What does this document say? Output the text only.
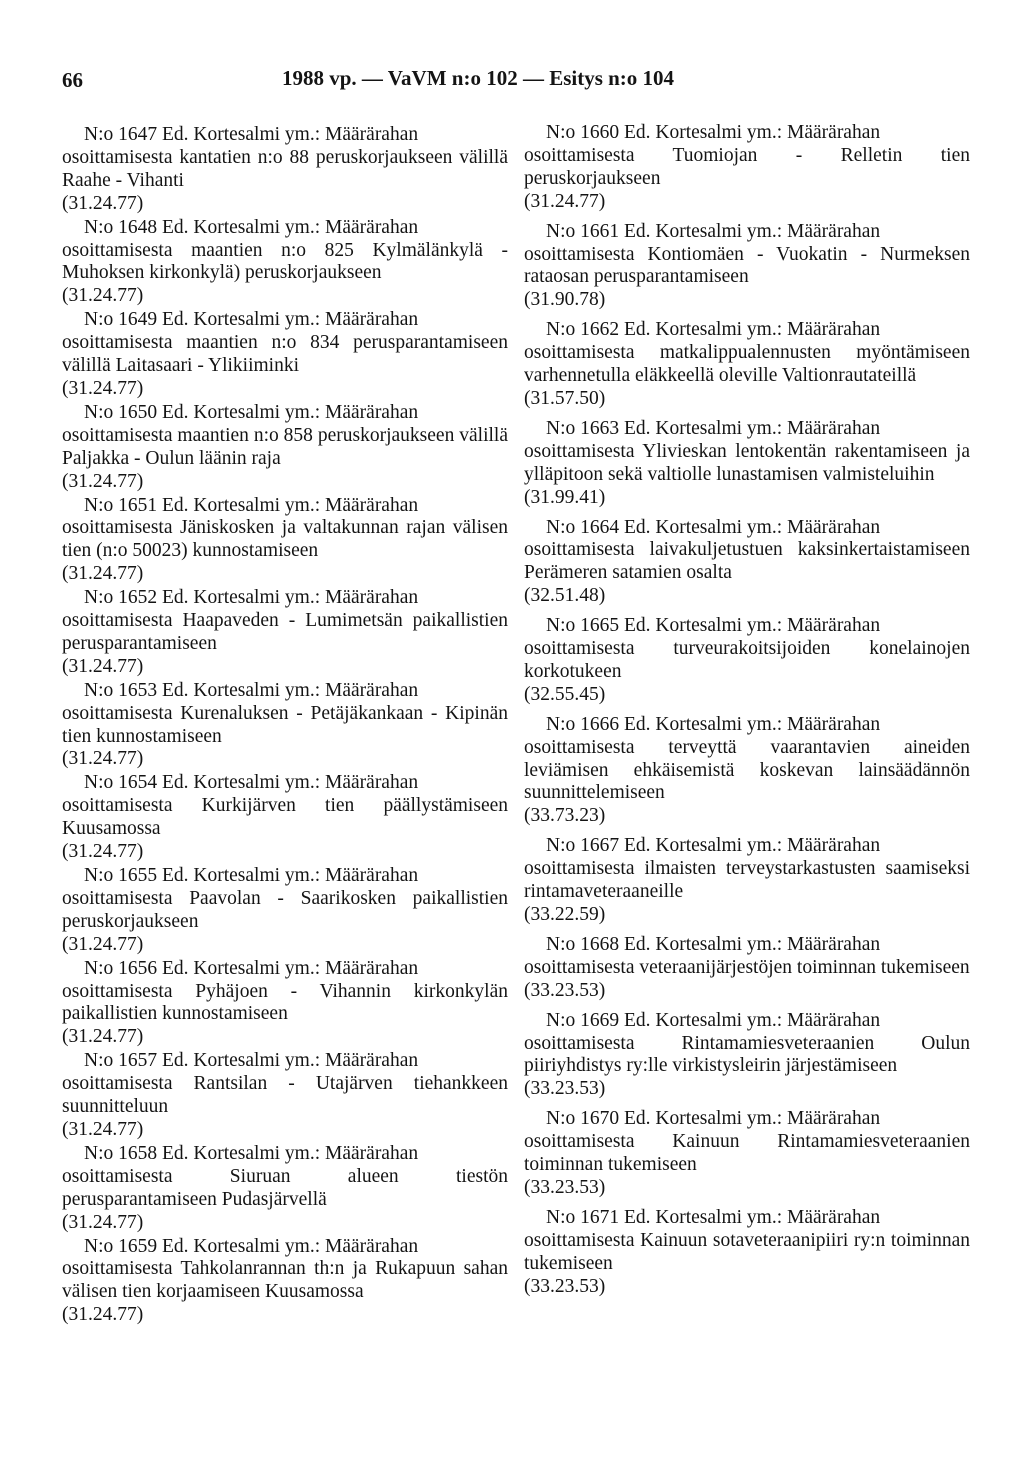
66	1988 vp. — VaVM n:o 102 — Esitys n:o 104

N:o 1647 Ed. Kortesalmi ym.: Määrärahan
osoittamisesta kantatien n:o 88 peruskorjaukseen välillä Raahe - Vihanti
(31.24.77)

N:o 1648 Ed. Kortesalmi ym.: Määrärahan
osoittamisesta maantien n:o 825 Kylmälänkylä - Muhoksen kirkonkylä) peruskorjaukseen
(31.24.77)

N:o 1649 Ed. Kortesalmi ym.: Määrärahan
osoittamisesta maantien n:o 834 perusparantamiseen välillä Laitasaari - Ylikiiminki
(31.24.77)

N:o 1650 Ed. Kortesalmi ym.: Määrärahan
osoittamisesta maantien n:o 858 peruskorjaukseen välillä Paljakka - Oulun läänin raja
(31.24.77)

N:o 1651 Ed. Kortesalmi ym.: Määrärahan
osoittamisesta Jäniskosken ja valtakunnan rajan välisen tien (n:o 50023) kunnostamiseen
(31.24.77)

N:o 1652 Ed. Kortesalmi ym.: Määrärahan
osoittamisesta Haapaveden - Lumimetsän paikallistien perusparantamiseen
(31.24.77)

N:o 1653 Ed. Kortesalmi ym.: Määrärahan
osoittamisesta Kurenaluksen - Petäjäkankaan - Kipinän tien kunnostamiseen
(31.24.77)

N:o 1654 Ed. Kortesalmi ym.: Määrärahan
osoittamisesta Kurkijärven tien päällystämiseen Kuusamossa
(31.24.77)

N:o 1655 Ed. Kortesalmi ym.: Määrärahan
osoittamisesta Paavolan - Saarikosken paikallistien peruskorjaukseen
(31.24.77)

N:o 1656 Ed. Kortesalmi ym.: Määrärahan
osoittamisesta Pyhäjoen - Vihannin kirkonkylän paikallistien kunnostamiseen
(31.24.77)

N:o 1657 Ed. Kortesalmi ym.: Määrärahan
osoittamisesta Rantsilan - Utajärven tiehankkeen suunnitteluun
(31.24.77)

N:o 1658 Ed. Kortesalmi ym.: Määrärahan
osoittamisesta Siuruan alueen tiestön perusparantamiseen Pudasjärvellä
(31.24.77)

N:o 1659 Ed. Kortesalmi ym.: Määrärahan
osoittamisesta Tahkolanrannan th:n ja Rukapuun sahan välisen tien korjaamiseen Kuusamossa
(31.24.77)

N:o 1660 Ed. Kortesalmi ym.: Määrärahan
osoittamisesta Tuomiojan - Relletin tien peruskorjaukseen
(31.24.77)

N:o 1661 Ed. Kortesalmi ym.: Määrärahan
osoittamisesta Kontiomäen - Vuokatin - Nurmeksen rataosan perusparantamiseen
(31.90.78)

N:o 1662 Ed. Kortesalmi ym.: Määrärahan
osoittamisesta matkalippualennusten myöntämiseen varhennetulla eläkkeellä oleville Valtionrautateillä
(31.57.50)

N:o 1663 Ed. Kortesalmi ym.: Määrärahan
osoittamisesta Ylivieskan lentokentän rakentamiseen ja ylläpitoon sekä valtiolle lunastamisen valmisteluihin
(31.99.41)

N:o 1664 Ed. Kortesalmi ym.: Määrärahan
osoittamisesta laivakuljetustuen kaksinkertaistamiseen Perämeren satamien osalta
(32.51.48)

N:o 1665 Ed. Kortesalmi ym.: Määrärahan
osoittamisesta turveurakoitsijoiden konelainojen korkotukeen
(32.55.45)

N:o 1666 Ed. Kortesalmi ym.: Määrärahan
osoittamisesta terveyttä vaarantavien aineiden leviämisen ehkäisemistä koskevan lainsäädännön suunnittelemiseen
(33.73.23)

N:o 1667 Ed. Kortesalmi ym.: Määrärahan
osoittamisesta ilmaisten terveystarkastusten saamiseksi rintamaveteraaneille
(33.22.59)

N:o 1668 Ed. Kortesalmi ym.: Määrärahan
osoittamisesta veteraanijärjestöjen toiminnan tukemiseen
(33.23.53)

N:o 1669 Ed. Kortesalmi ym.: Määrärahan
osoittamisesta Rintamamiesveteraanien Oulun piiriyhdistys ry:lle virkistysleirin järjestämiseen
(33.23.53)

N:o 1670 Ed. Kortesalmi ym.: Määrärahan
osoittamisesta Kainuun Rintamamiesveteraanien toiminnan tukemiseen
(33.23.53)

N:o 1671 Ed. Kortesalmi ym.: Määrärahan
osoittamisesta Kainuun sotaveteraanipiiri ry:n toiminnan tukemiseen
(33.23.53)
